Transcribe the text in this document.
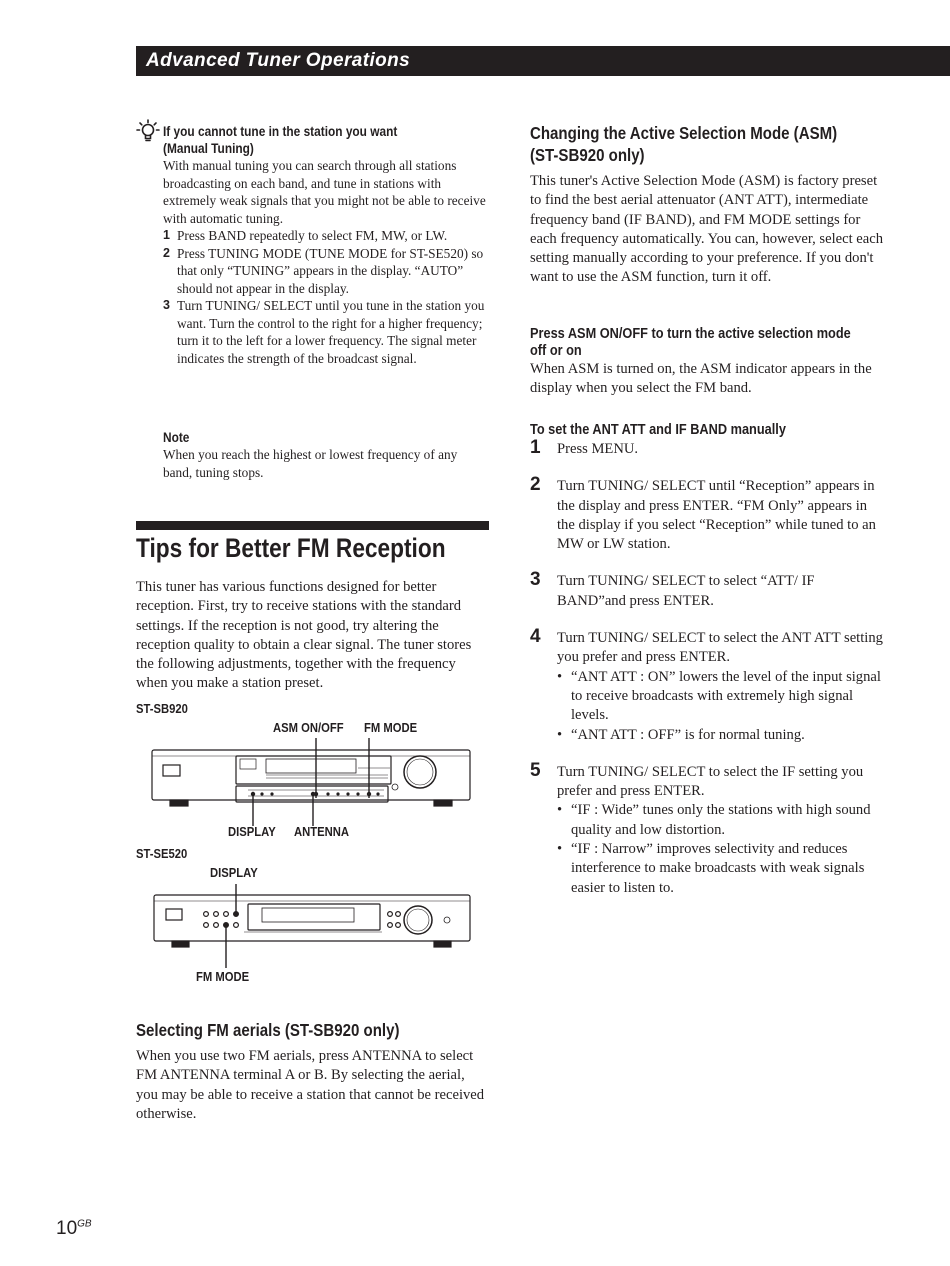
Advanced Tuner Operations
If you cannot tune in the station you want
(Manual Tuning)
With manual tuning you can search through all stations broadcasting on each band, and tune in stations with extremely weak signals that you might not be able to receive with automatic tuning.
1 Press BAND repeatedly to select FM, MW, or LW.
2 Press TUNING MODE (TUNE MODE for ST-SE520) so that only “TUNING” appears in the display. “AUTO” should not appear in the display.
3 Turn TUNING/ SELECT until you tune in the station you want. Turn the control to the right for a higher frequency; turn it to the left for a lower frequency. The signal meter indicates the strength of the broadcast signal.
Note
When you reach the highest or lowest frequency of any band, tuning stops.
Tips for Better FM Reception
This tuner has various functions designed for better reception. First, try to receive stations with the standard settings. If the reception is not good, try altering the reception quality to obtain a clear signal. The tuner stores the following adjustments, together with the frequency when you make a station preset.
ST-SB920
ASM ON/OFF FM MODE
DISPLAY ANTENNA
ST-SE520
DISPLAY
FM MODE
Selecting FM aerials (ST-SB920 only)
When you use two FM aerials, press ANTENNA to select FM ANTENNA terminal A or B. By selecting the aerial, you may be able to receive a station that cannot be received otherwise.
Changing the Active Selection Mode (ASM)
(ST-SB920 only)
This tuner's Active Selection Mode (ASM) is factory preset to find the best aerial attenuator (ANT ATT), intermediate frequency band (IF BAND), and FM MODE settings for each frequency automatically. You can, however, select each setting manually according to your preference. If you don't want to use the ASM function, turn it off.
Press ASM ON/OFF to turn the active selection mode
off or on
When ASM is turned on, the ASM indicator appears in the display when you select the FM band.
To set the ANT ATT and IF BAND manually
1 Press MENU.
2 Turn TUNING/ SELECT until “Reception” appears in the display and press ENTER. “FM Only” appears in the display if you select “Reception” while tuned to an MW or LW station.
3 Turn TUNING/ SELECT to select “ATT/ IF BAND”and press ENTER.
4 Turn TUNING/ SELECT to select the ANT ATT setting you prefer and press ENTER.
• “ANT ATT : ON” lowers the level of the input signal to receive broadcasts with extremely high signal levels.
• “ANT ATT : OFF” is for normal tuning.
5 Turn TUNING/ SELECT to select the IF setting you prefer and press ENTER.
• “IF : Wide” tunes only the stations with high sound quality and low distortion.
• “IF : Narrow” improves selectivity and reduces interference to make broadcasts with weak signals easier to listen to.
$10^{GB}$
